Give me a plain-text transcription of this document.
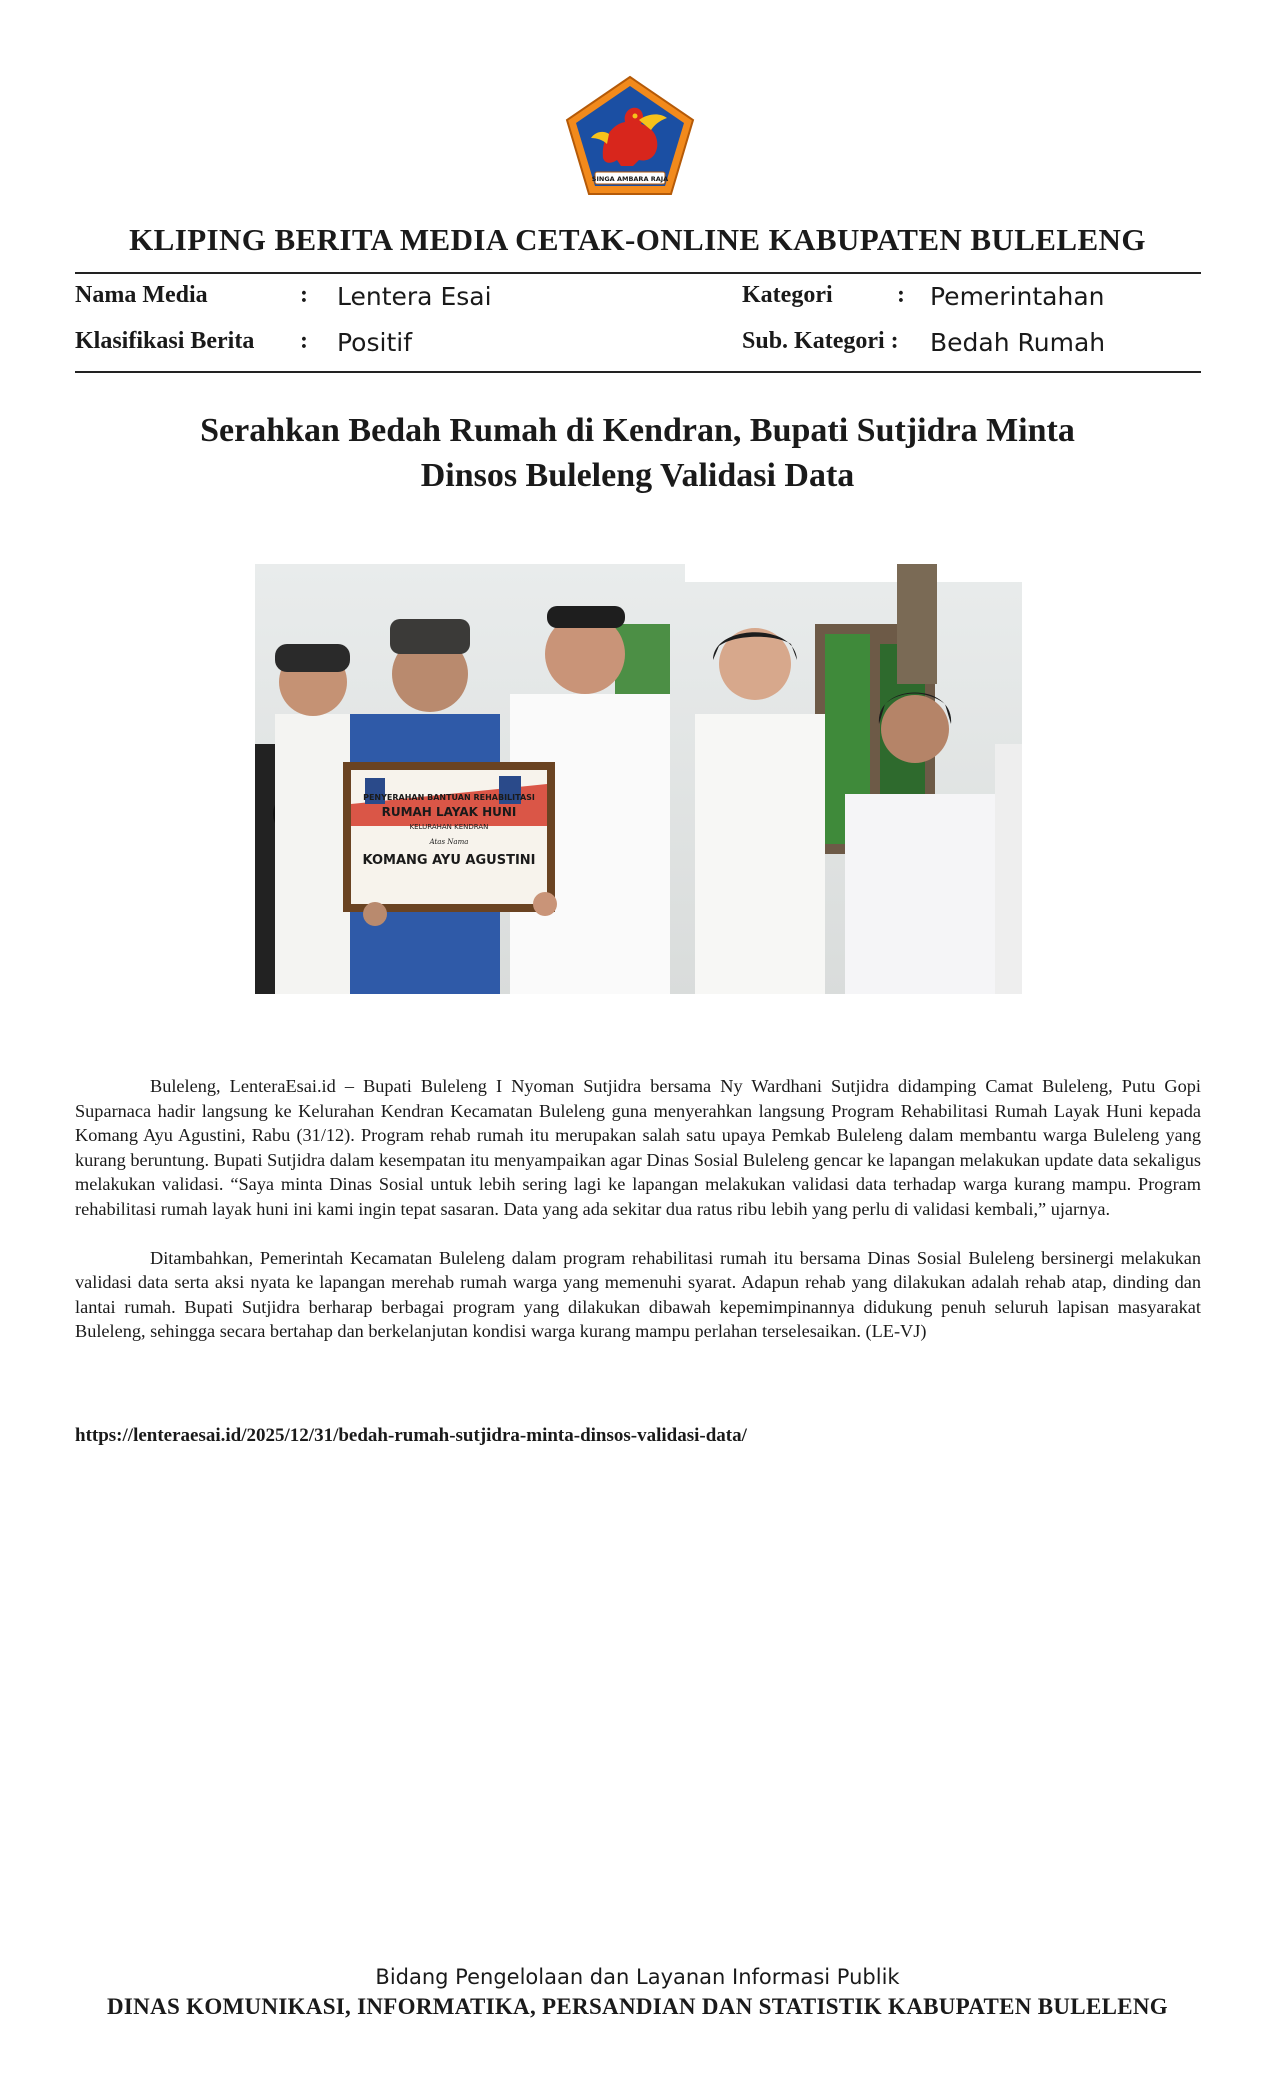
SINGA AMBARA RAJA
KLIPING BERITA MEDIA CETAK-ONLINE KABUPATEN BULELENG
Nama Media	: Lentera Esai	Kategori	: Pemerintahan
Klasifikasi Berita : Positif	Sub. Kategori : Bedah Rumah
Serahkan Bedah Rumah di Kendran, Bupati Sutjidra Minta
Dinsos Buleleng Validasi Data
PENYERAHAN BANTUAN REHABILITASI
RUMAH LAYAK HUNI
KELURAHAN KENDRAN
Atas Nama
KOMANG AYU AGUSTINI

Buleleng, LenteraEsai.id – Bupati Buleleng I Nyoman Sutjidra bersama Ny Wardhani Sutjidra didamping Camat Buleleng, Putu Gopi Suparnaca hadir langsung ke Kelurahan Kendran Kecamatan Buleleng guna menyerahkan langsung Program Rehabilitasi Rumah Layak Huni kepada Komang Ayu Agustini, Rabu (31/12). Program rehab rumah itu merupakan salah satu upaya Pemkab Buleleng dalam membantu warga Buleleng yang kurang beruntung. Bupati Sutjidra dalam kesempatan itu menyampaikan agar Dinas Sosial Buleleng gencar ke lapangan melakukan update data sekaligus melakukan validasi. “Saya minta Dinas Sosial untuk lebih sering lagi ke lapangan melakukan validasi data terhadap warga kurang mampu. Program rehabilitasi rumah layak huni ini kami ingin tepat sasaran. Data yang ada sekitar dua ratus ribu lebih yang perlu di validasi kembali,” ujarnya.

Ditambahkan, Pemerintah Kecamatan Buleleng dalam program rehabilitasi rumah itu bersama Dinas Sosial Buleleng bersinergi melakukan validasi data serta aksi nyata ke lapangan merehab rumah warga yang memenuhi syarat. Adapun rehab yang dilakukan adalah rehab atap, dinding dan lantai rumah. Bupati Sutjidra berharap berbagai program yang dilakukan dibawah kepemimpinannya didukung penuh seluruh lapisan masyarakat Buleleng, sehingga secara bertahap dan berkelanjutan kondisi warga kurang mampu perlahan terselesaikan. (LE-VJ)

https://lenteraesai.id/2025/12/31/bedah-rumah-sutjidra-minta-dinsos-validasi-data/
Bidang Pengelolaan dan Layanan Informasi Publik
DINAS KOMUNIKASI, INFORMATIKA, PERSANDIAN DAN STATISTIK KABUPATEN BULELENG
